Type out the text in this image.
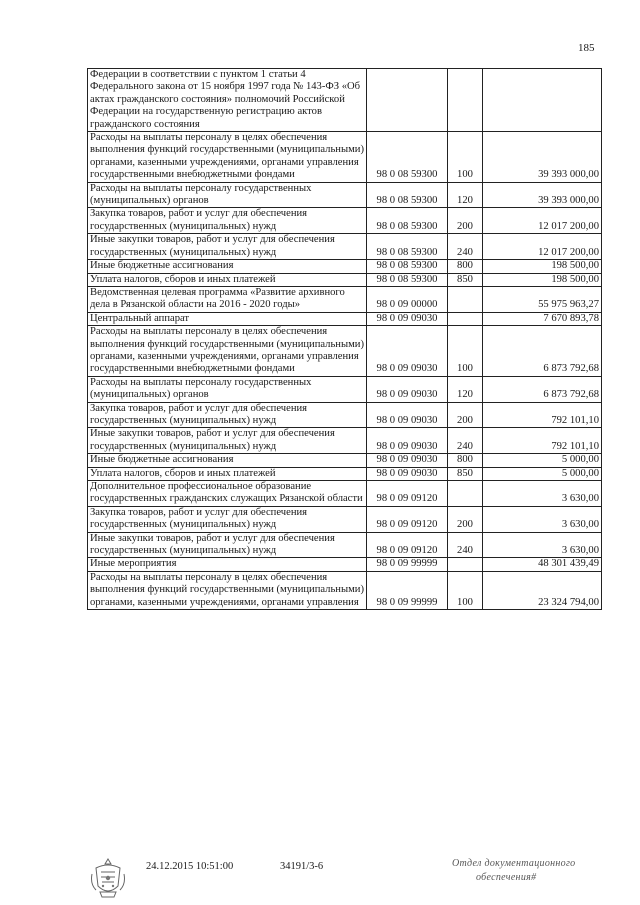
185
Федерации в соответствии с пунктом 1 статьи 4 Федерального закона от 15 ноября 1997 года № 143-ФЗ «Об актах гражданского состояния» полномочий Российской Федерации на государственную регистрацию актов гражданского состояния			
Расходы на выплаты персоналу в целях обеспечения выполнения функций государственными (муниципальными) органами, казенными учреждениями, органами управления государственными внебюджетными фондами	98 0 08 59300	100	39 393 000,00
Расходы на выплаты персоналу государственных (муниципальных) органов	98 0 08 59300	120	39 393 000,00
Закупка товаров, работ и услуг для обеспечения государственных (муниципальных) нужд	98 0 08 59300	200	12 017 200,00
Иные закупки товаров, работ и услуг для обеспечения государственных (муниципальных) нужд	98 0 08 59300	240	12 017 200,00
Иные бюджетные ассигнования	98 0 08 59300	800	198 500,00
Уплата налогов, сборов и иных платежей	98 0 08 59300	850	198 500,00
Ведомственная целевая программа «Развитие архивного дела в Рязанской области на 2016 - 2020 годы»	98 0 09 00000		55 975 963,27
Центральный аппарат	98 0 09 09030		7 670 893,78
Расходы на выплаты персоналу в целях обеспечения выполнения функций государственными (муниципальными) органами, казенными учреждениями, органами управления государственными внебюджетными фондами	98 0 09 09030	100	6 873 792,68
Расходы на выплаты персоналу государственных (муниципальных) органов	98 0 09 09030	120	6 873 792,68
Закупка товаров, работ и услуг для обеспечения государственных (муниципальных) нужд	98 0 09 09030	200	792 101,10
Иные закупки товаров, работ и услуг для обеспечения государственных (муниципальных) нужд	98 0 09 09030	240	792 101,10
Иные бюджетные ассигнования	98 0 09 09030	800	5 000,00
Уплата налогов, сборов и иных платежей	98 0 09 09030	850	5 000,00
Дополнительное профессиональное образование государственных гражданских служащих Рязанской области	98 0 09 09120		3 630,00
Закупка товаров, работ и услуг для обеспечения государственных (муниципальных) нужд	98 0 09 09120	200	3 630,00
Иные закупки товаров, работ и услуг для обеспечения государственных (муниципальных) нужд	98 0 09 09120	240	3 630,00
Иные мероприятия	98 0 09 99999		48 301 439,49
Расходы на выплаты персоналу в целях обеспечения выполнения функций государственными (муниципальными) органами, казенными учреждениями, органами управления	98 0 09 99999	100	23 324 794,00
24.12.2015 10:51:00	34191/3-6	Отдел документационного
обеспечения#
